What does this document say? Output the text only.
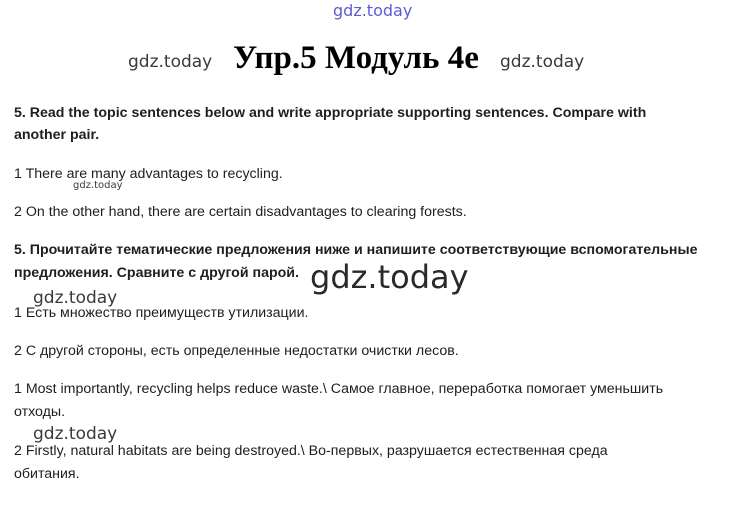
gdz.today
gdz.today	gdz.today
gdz.today
gdz.today
gdz.today
gdz.today
Упр.5 Модуль 4е
5. Read the topic sentences below and write appropriate supporting sentences. Compare with
another pair.
1 There are many advantages to recycling.
2 On the other hand, there are certain disadvantages to clearing forests.
5. Прочитайте тематические предложения ниже и напишите соответствующие вспомогательные
предложения. Сравните с другой парой.
1 Есть множество преимуществ утилизации.
2 С другой стороны, есть определенные недостатки очистки лесов.
1 Most importantly, recycling helps reduce waste.\ Самое главное, переработка помогает уменьшить
отходы.
2 Firstly, natural habitats are being destroyed.\ Во-первых, разрушается естественная среда
обитания.
